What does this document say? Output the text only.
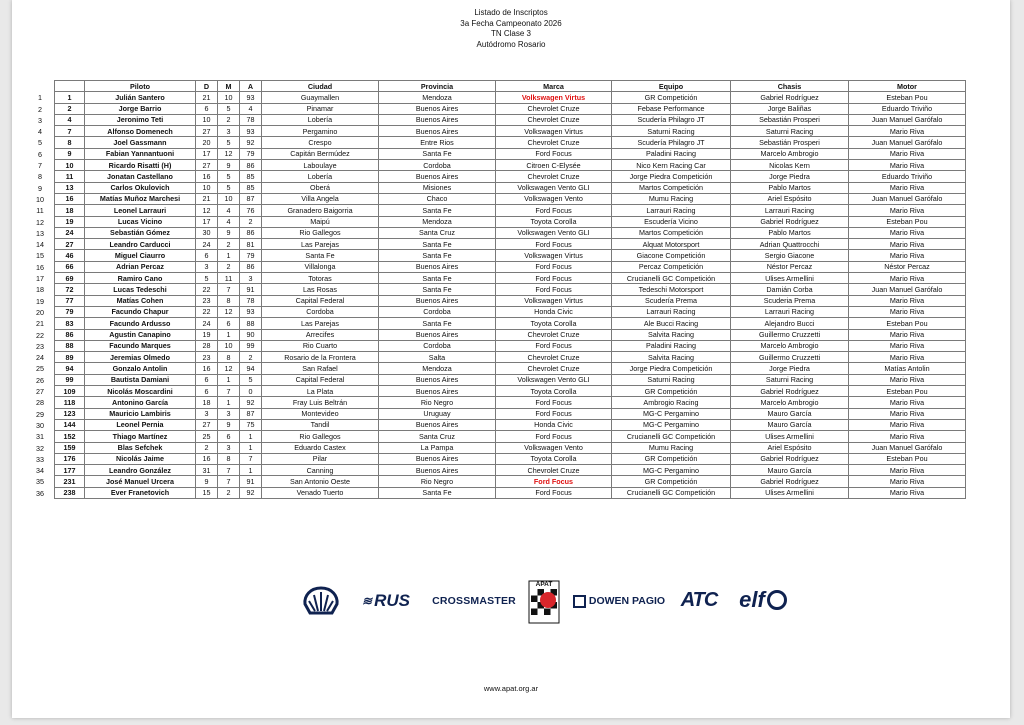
Listado de Inscriptos
3a Fecha Campeonato 2026
TN Clase 3
Autódromo Rosario
1
2
3
4
5
6
7
8
9
10
11
12
13
14
15
16
17
18
19
20
21
22
23
24
25
26
27
28
29
30
31
32
33
34
35
36
	Piloto	D	M	A	Ciudad	Provincia	Marca	Equipo	Chasis	Motor
1	Julián Santero	21	10	93	Guaymallen	Mendoza	Volkswagen Virtus	GR Competición	Gabriel Rodríguez	Esteban Pou
2	Jorge Barrio	6	5	4	Pinamar	Buenos Aires	Chevrolet Cruze	Febase Performance	Jorge Baliñas	Eduardo Triviño
4	Jeronimo Teti	10	2	78	Lobería	Buenos Aires	Chevrolet Cruze	Scudería Philagro JT	Sebastián Prosperi	Juan Manuel Garófalo
7	Alfonso Domenech	27	3	93	Pergamino	Buenos Aires	Volkswagen Virtus	Saturni Racing	Saturni Racing	Mario Riva
8	Joel Gassmann	20	5	92	Crespo	Entre Rios	Chevrolet Cruze	Scudería Philagro JT	Sebastián Prosperi	Juan Manuel Garófalo
9	Fabian Yannantuoni	17	12	79	Capitán Bermúdez	Santa Fe	Ford Focus	Paladini Racing	Marcelo Ambrogio	Mario Riva
10	Ricardo Risatti (H)	27	9	86	Laboulaye	Cordoba	Citroen C-Elysée	Nico Kern Racing Car	Nicolas Kern	Mario Riva
11	Jonatan Castellano	16	5	85	Lobería	Buenos Aires	Chevrolet Cruze	Jorge Piedra Competición	Jorge Piedra	Eduardo Triviño
13	Carlos Okulovich	10	5	85	Oberá	Misiones	Volkswagen Vento GLI	Martos Competición	Pablo Martos	Mario Riva
16	Matías Muñoz Marchesi	21	10	87	Villa Angela	Chaco	Volkswagen Vento	Mumu Racing	Ariel Espósito	Juan Manuel Garófalo
18	Leonel Larrauri	12	4	76	Granadero Baigorria	Santa Fe	Ford Focus	Larrauri Racing	Larrauri Racing	Mario Riva
19	Lucas Vicino	17	4	2	Maipú	Mendoza	Toyota Corolla	Escudería Vicino	Gabriel Rodríguez	Esteban Pou
24	Sebastián Gómez	30	9	86	Rio Gallegos	Santa Cruz	Volkswagen Vento GLI	Martos Competición	Pablo Martos	Mario Riva
27	Leandro Carducci	24	2	81	Las Parejas	Santa Fe	Ford Focus	Alquat Motorsport	Adrian Quattrocchi	Mario Riva
46	Miguel Ciaurro	6	1	79	Santa Fe	Santa Fe	Volkswagen Virtus	Giacone Competición	Sergio Giacone	Mario Riva
66	Adrian Percaz	3	2	86	Villalonga	Buenos Aires	Ford Focus	Percaz Competición	Néstor Percaz	Néstor Percaz
69	Ramiro Cano	5	11	3	Totoras	Santa Fe	Ford Focus	Crucianelli GC Competición	Ulises Armellini	Mario Riva
72	Lucas Tedeschi	22	7	91	Las Rosas	Santa Fe	Ford Focus	Tedeschi Motorsport	Damián Corba	Juan Manuel Garófalo
77	Matías Cohen	23	8	78	Capital Federal	Buenos Aires	Volkswagen Virtus	Scudería Prema	Scuderia Prema	Mario Riva
79	Facundo Chapur	22	12	93	Cordoba	Cordoba	Honda Civic	Larrauri Racing	Larrauri Racing	Mario Riva
83	Facundo Ardusso	24	6	88	Las Parejas	Santa Fe	Toyota Corolla	Ale Bucci Racing	Alejandro Bucci	Esteban Pou
86	Agustin Canapino	19	1	90	Arrecifes	Buenos Aires	Chevrolet Cruze	Salvita Racing	Guillermo Cruzzetti	Mario Riva
88	Facundo Marques	28	10	99	Rio Cuarto	Cordoba	Ford Focus	Paladini Racing	Marcelo Ambrogio	Mario Riva
89	Jeremias Olmedo	23	8	2	Rosario de la Frontera	Salta	Chevrolet Cruze	Salvita Racing	Guillermo Cruzzetti	Mario Riva
94	Gonzalo Antolin	16	12	94	San Rafael	Mendoza	Chevrolet Cruze	Jorge Piedra Competición	Jorge Piedra	Matías Antolin
99	Bautista Damiani	6	1	5	Capital Federal	Buenos Aires	Volkswagen Vento GLI	Saturni Racing	Saturni Racing	Mario Riva
109	Nicolás Moscardini	6	7	0	La Plata	Buenos Aires	Toyota Corolla	GR Competición	Gabriel Rodríguez	Esteban Pou
118	Antonino García	18	1	92	Fray Luis Beltrán	Rio Negro	Ford Focus	Ambrogio Racing	Marcelo Ambrogio	Mario Riva
123	Mauricio Lambiris	3	3	87	Montevideo	Uruguay	Ford Focus	MG-C Pergamino	Mauro García	Mario Riva
144	Leonel Pernia	27	9	75	Tandil	Buenos Aires	Honda Civic	MG-C Pergamino	Mauro García	Mario Riva
152	Thiago Martínez	25	6	1	Rio Gallegos	Santa Cruz	Ford Focus	Crucianelli GC Competición	Ulises Armellini	Mario Riva
159	Blas Sefchek	2	3	1	Eduardo Castex	La Pampa	Volkswagen Vento	Mumu Racing	Ariel Espósito	Juan Manuel Garófalo
176	Nicolás Jaime	16	8	7	Pilar	Buenos Aires	Toyota Corolla	GR Competición	Gabriel Rodríguez	Esteban Pou
177	Leandro González	31	7	1	Canning	Buenos Aires	Chevrolet Cruze	MG-C Pergamino	Mauro García	Mario Riva
231	José Manuel Urcera	9	7	91	San Antonio Oeste	Rio Negro	Ford Focus	GR Competición	Gabriel Rodríguez	Mario Riva
238	Ever Franetovich	15	2	92	Venado Tuerto	Santa Fe	Ford Focus	Crucianelli GC Competición	Ulises Armellini	Mario Riva
≋ RUS CROSSMASTER
APAT
DOWEN PAGIO ATC elf
www.apat.org.ar
